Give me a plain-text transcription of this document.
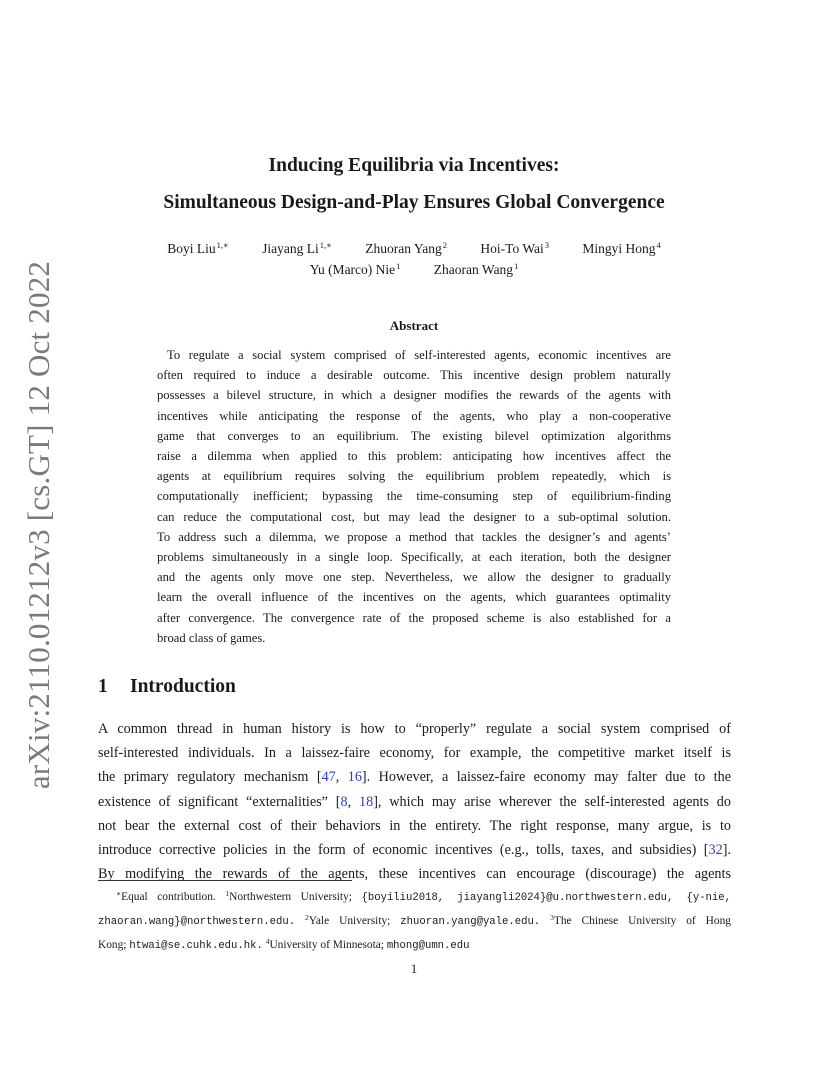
arXiv:2110.01212v3 [cs.GT] 12 Oct 2022
Inducing Equilibria via Incentives:
Simultaneous Design-and-Play Ensures Global Convergence
Boyi Liu$^{1,∗}$ Jiayang $Li^{1,∗}$ Zhuoran Yang$^2$ Hoi-To Wai$^3$ Mingyi Hong$^4$
Yu (Marco) Nie$^1$ Zhaoran Wang$^1$
Abstract
To regulate a social system comprised of self-interested agents, economic incentives are
often required to induce a desirable outcome. This incentive design problem naturally
possesses a bilevel structure, in which a designer modifies the rewards of the agents with
incentives while anticipating the response of the agents, who play a non-cooperative
game that converges to an equilibrium. The existing bilevel optimization algorithms
raise a dilemma when applied to this problem: anticipating how incentives affect the
agents at equilibrium requires solving the equilibrium problem repeatedly, which is
computationally inefficient; bypassing the time-consuming step of equilibrium-finding
can reduce the computational cost, but may lead the designer to a sub-optimal solution.
To address such a dilemma, we propose a method that tackles the designer’s and agents’
problems simultaneously in a single loop. Specifically, at each iteration, both the designer
and the agents only move one step. Nevertheless, we allow the designer to gradually
learn the overall influence of the incentives on the agents, which guarantees optimality
after convergence. The convergence rate of the proposed scheme is also established for a
broad class of games.
1 Introduction
A common thread in human history is how to “properly” regulate a social system comprised of
self-interested individuals. In a laissez-faire economy, for example, the competitive market itself is
the primary regulatory mechanism [47, 16]. However, a laissez-faire economy may falter due to the
existence of significant “externalities” [8, 18], which may arise wherever the self-interested agents do
not bear the external cost of their behaviors in the entirety. The right response, many argue, is to
introduce corrective policies in the form of economic incentives (e.g., tolls, taxes, and subsidies) [32].
By modifying the rewards of the agents, these incentives can encourage (discourage) the agents
∗Equal contribution. $^1$Northwestern University; {boyiliu2018, jiayangli2024}@u.northwestern.edu, {y-nie,
zhaoran.wang}@northwestern.edu. $^2$Yale University; zhuoran.yang@yale.edu. $^3$The Chinese University of Hong
Kong; htwai@se.cuhk.edu.hk. $^4$University of Minnesota; mhong@umn.edu
1
